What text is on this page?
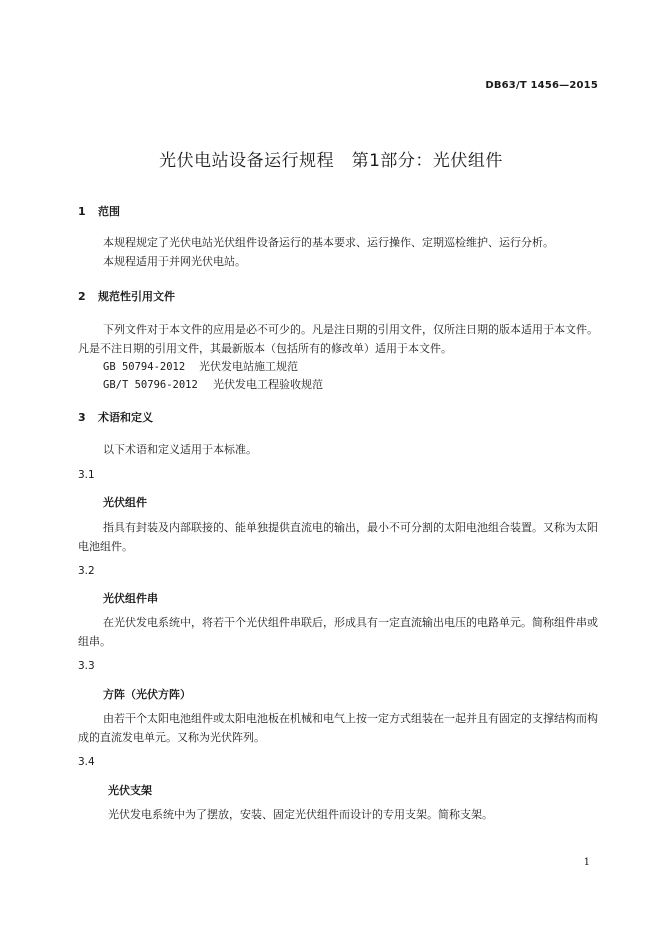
DB63/T 1456—2015
光伏电站设备运行规程　第1部分：光伏组件
1 范围
本规程规定了光伏电站光伏组件设备运行的基本要求、运行操作、定期巡检维护、运行分析。
本规程适用于并网光伏电站。
2 规范性引用文件
下列文件对于本文件的应用是必不可少的。凡是注日期的引用文件，仅所注日期的版本适用于本文件。凡是不注日期的引用文件，其最新版本（包括所有的修改单）适用于本文件。
GB 50794-2012 光伏发电站施工规范
GB/T 50796-2012 光伏发电工程验收规范
3 术语和定义
以下术语和定义适用于本标准。
3.1
光伏组件
指具有封装及内部联接的、能单独提供直流电的输出，最小不可分割的太阳电池组合装置。又称为太阳电池组件。
3.2
光伏组件串
在光伏发电系统中，将若干个光伏组件串联后，形成具有一定直流输出电压的电路单元。简称组件串或组串。
3.3
方阵（光伏方阵）
由若干个太阳电池组件或太阳电池板在机械和电气上按一定方式组装在一起并且有固定的支撑结构而构成的直流发电单元。又称为光伏阵列。
3.4
光伏支架
光伏发电系统中为了摆放，安装、固定光伏组件而设计的专用支架。简称支架。
1
